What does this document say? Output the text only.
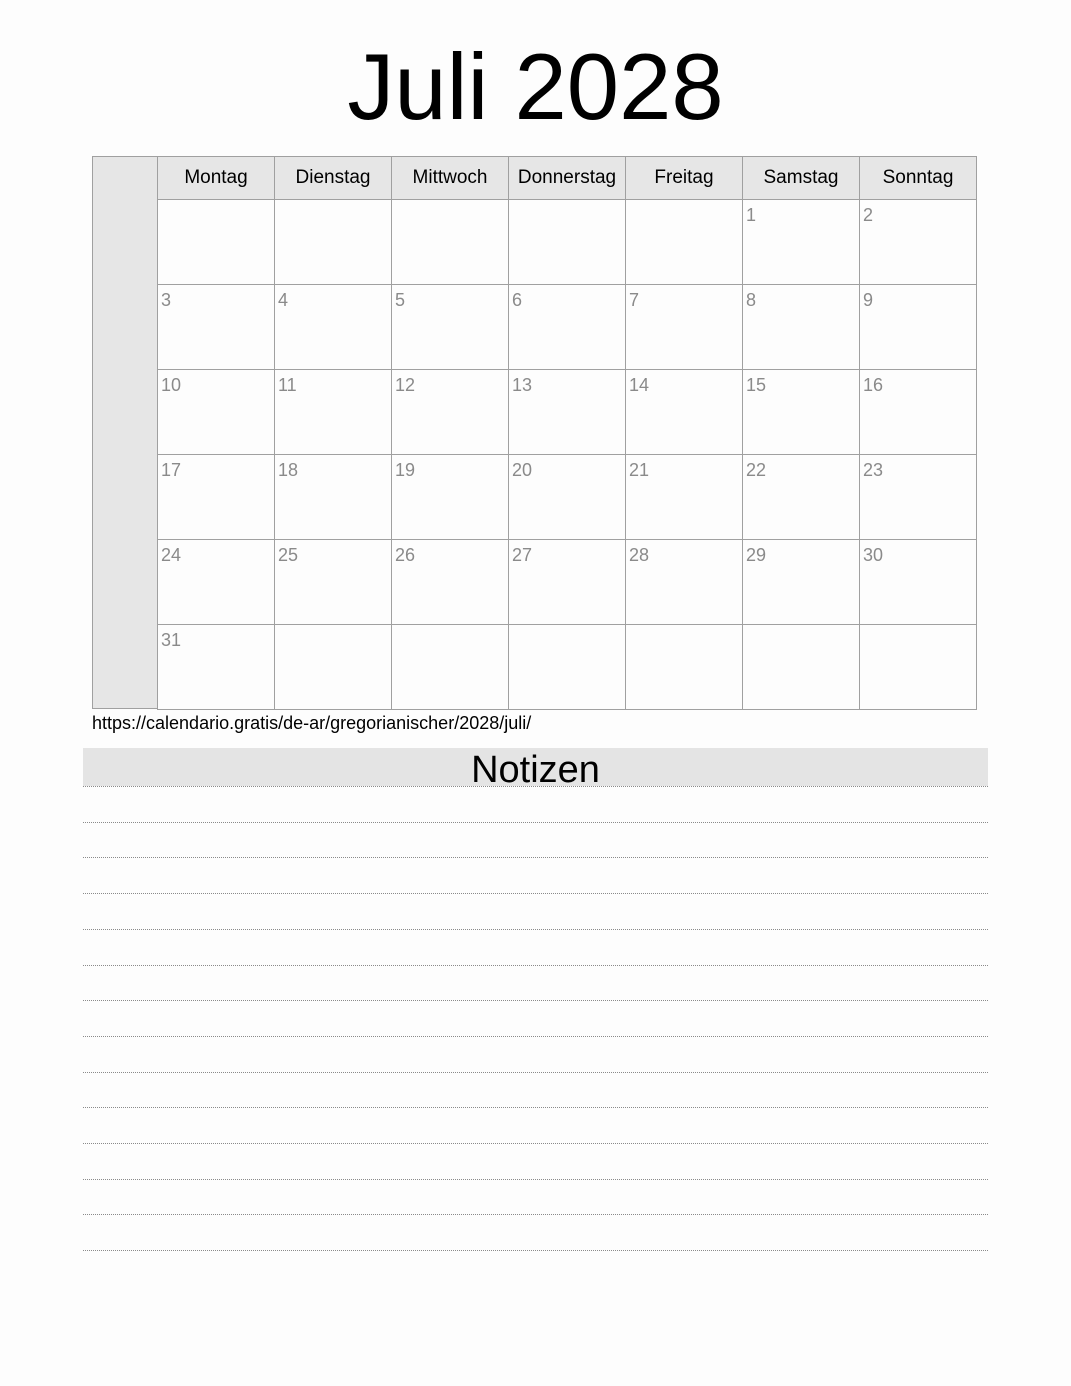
Juli 2028
Montag	Dienstag	Mittwoch	Donnerstag	Freitag	Samstag	Sonntag

					1	2

3	4	5	6	7	8	9

10	11	12	13	14	15	16

17	18	19	20	21	22	23

24	25	26	27	28	29	30

31						

https://calendario.gratis/de-ar/gregorianischer/2028/juli/
Notizen
